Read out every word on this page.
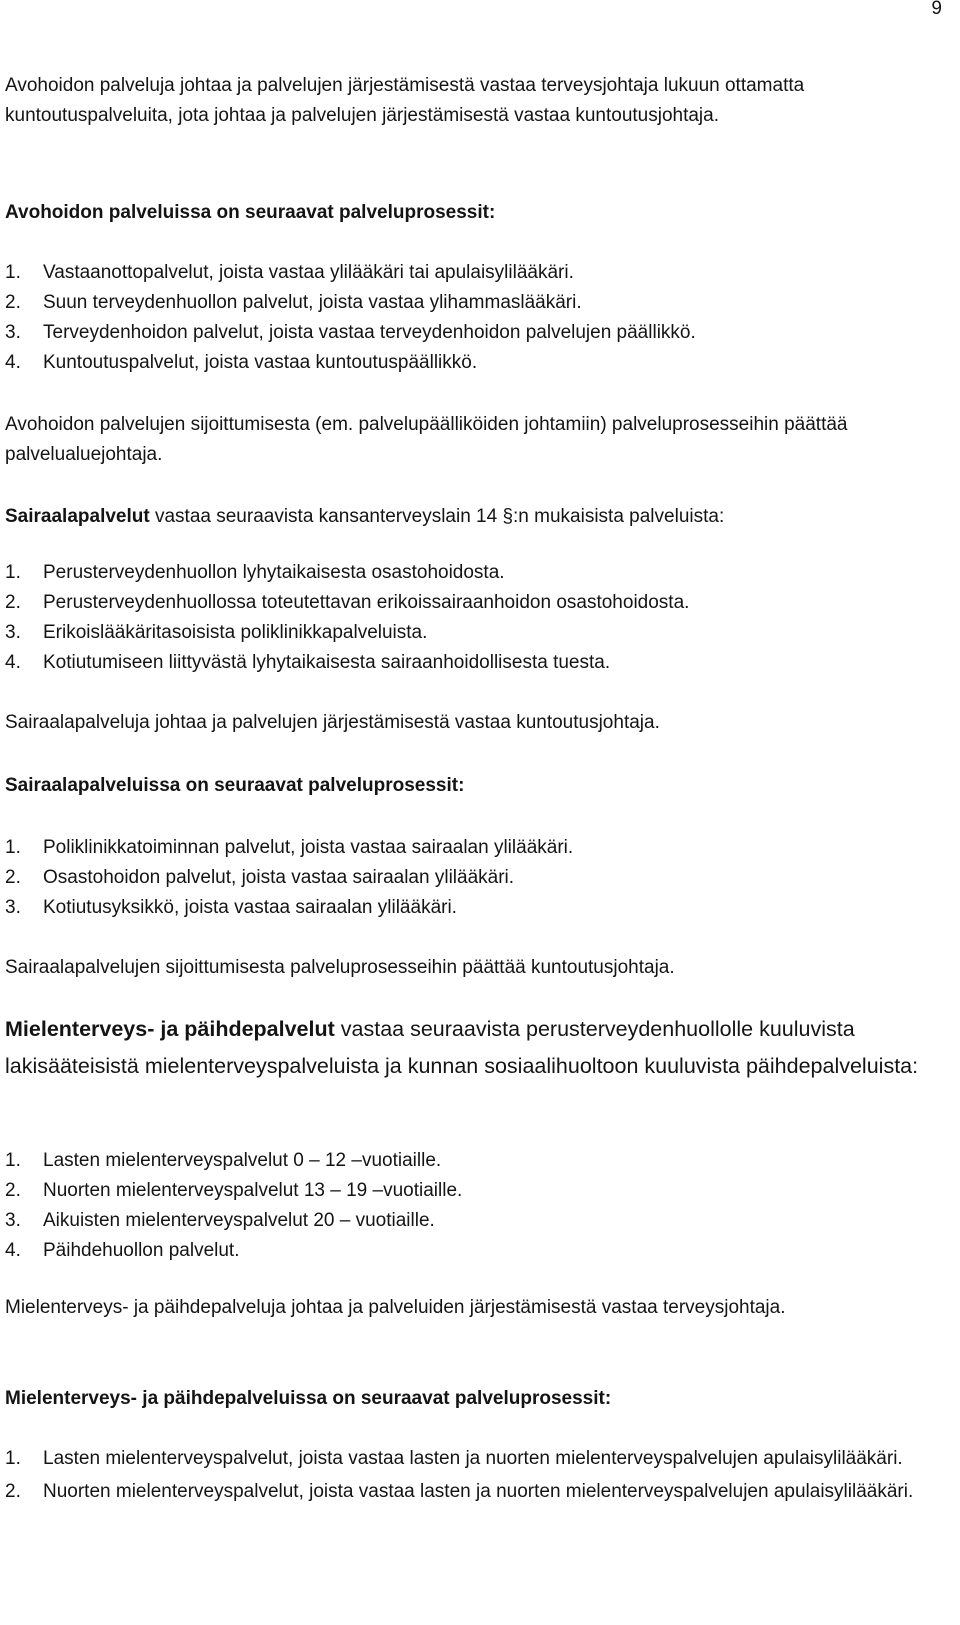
9

Avohoidon palveluja johtaa ja palvelujen järjestämisestä vastaa terveysjohtaja lukuun ottamatta kuntoutuspalveluita, jota johtaa ja palvelujen järjestämisestä vastaa kuntoutusjohtaja.

Avohoidon palveluissa on seuraavat palveluprosessit:

1. Vastaanottopalvelut, joista vastaa ylilääkäri tai apulaisylilääkäri.
2. Suun terveydenhuollon palvelut, joista vastaa ylihammaslääkäri.
3. Terveydenhoidon palvelut, joista vastaa terveydenhoidon palvelujen päällikkö.
4. Kuntoutuspalvelut, joista vastaa kuntoutuspäällikkö.

Avohoidon palvelujen sijoittumisesta (em. palvelupäälliköiden johtamiin) palveluprosesseihin päättää palvelualuejohtaja.

Sairaalapalvelut vastaa seuraavista kansanterveyslain 14 §:n mukaisista palveluista:

1. Perusterveydenhuollon lyhytaikaisesta osastohoidosta.
2. Perusterveydenhuollossa toteutettavan erikoissairaanhoidon osastohoidosta.
3. Erikoislääkäritasoisista poliklinikkapalveluista.
4. Kotiutumiseen liittyvästä lyhytaikaisesta sairaanhoidollisesta tuesta.

Sairaalapalveluja johtaa ja palvelujen järjestämisestä vastaa kuntoutusjohtaja.

Sairaalapalveluissa on seuraavat palveluprosessit:

1. Poliklinikkatoiminnan palvelut, joista vastaa sairaalan ylilääkäri.
2. Osastohoidon palvelut, joista vastaa sairaalan ylilääkäri.
3. Kotiutusyksikkö, joista vastaa sairaalan ylilääkäri.

Sairaalapalvelujen sijoittumisesta palveluprosesseihin päättää kuntoutusjohtaja.

Mielenterveys- ja päihdepalvelut vastaa seuraavista perusterveydenhuollolle kuuluvista lakisääteisistä mielenterveyspalveluista ja kunnan sosiaalihuoltoon kuuluvista päihdepalveluista:

1. Lasten mielenterveyspalvelut 0 – 12 –vuotiaille.
2. Nuorten mielenterveyspalvelut 13 – 19 –vuotiaille.
3. Aikuisten mielenterveyspalvelut 20 – vuotiaille.
4. Päihdehuollon palvelut.

Mielenterveys- ja päihdepalveluja johtaa ja palveluiden järjestämisestä vastaa terveysjohtaja.

Mielenterveys- ja päihdepalveluissa on seuraavat palveluprosessit:

1. Lasten mielenterveyspalvelut, joista vastaa lasten ja nuorten mielenterveyspalvelujen apulaisylilääkäri.
2. Nuorten mielenterveyspalvelut, joista vastaa lasten ja nuorten mielenterveyspalvelujen apulaisylilääkäri.
